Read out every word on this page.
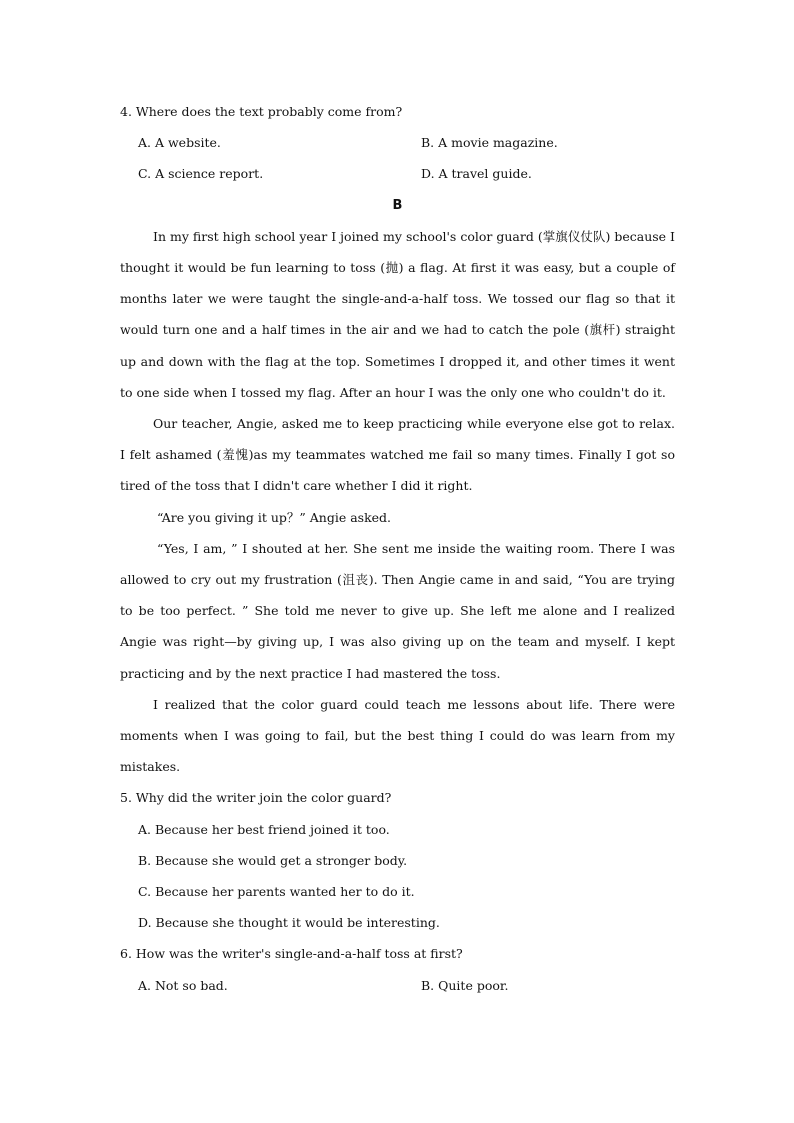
4. Where does the text probably come from?
A. A website.	B. A movie magazine.
C. A science report.	D. A travel guide.
B
In my first high school year I joined my school's color guard (掌旗仪仗队) because I thought it would be fun learning to toss (抛) a flag. At first it was easy, but a couple of months later we were taught the single-and-a-half toss. We tossed our flag so that it would turn one and a half times in the air and we had to catch the pole (旗杆) straight up and down with the flag at the top. Sometimes I dropped it, and other times it went to one side when I tossed my flag. After an hour I was the only one who couldn't do it.
Our teacher, Angie, asked me to keep practicing while everyone else got to relax. I felt ashamed (羞愧)as my teammates watched me fail so many times. Finally I got so tired of the toss that I didn't care whether I did it right.
“Are you giving it up？” Angie asked.
“Yes, I am, ” I shouted at her. She sent me inside the waiting room. There I was allowed to cry out my frustration (沮丧). Then Angie came in and said, “You are trying to be too perfect. ” She told me never to give up. She left me alone and I realized Angie was right—by giving up, I was also giving up on the team and myself. I kept practicing and by the next practice I had mastered the toss.
I realized that the color guard could teach me lessons about life. There were moments when I was going to fail, but the best thing I could do was learn from my mistakes.
5. Why did the writer join the color guard?
A. Because her best friend joined it too.
B. Because she would get a stronger body.
C. Because her parents wanted her to do it.
D. Because she thought it would be interesting.
6. How was the writer's single-and-a-half toss at first?
A. Not so bad.	B. Quite poor.
